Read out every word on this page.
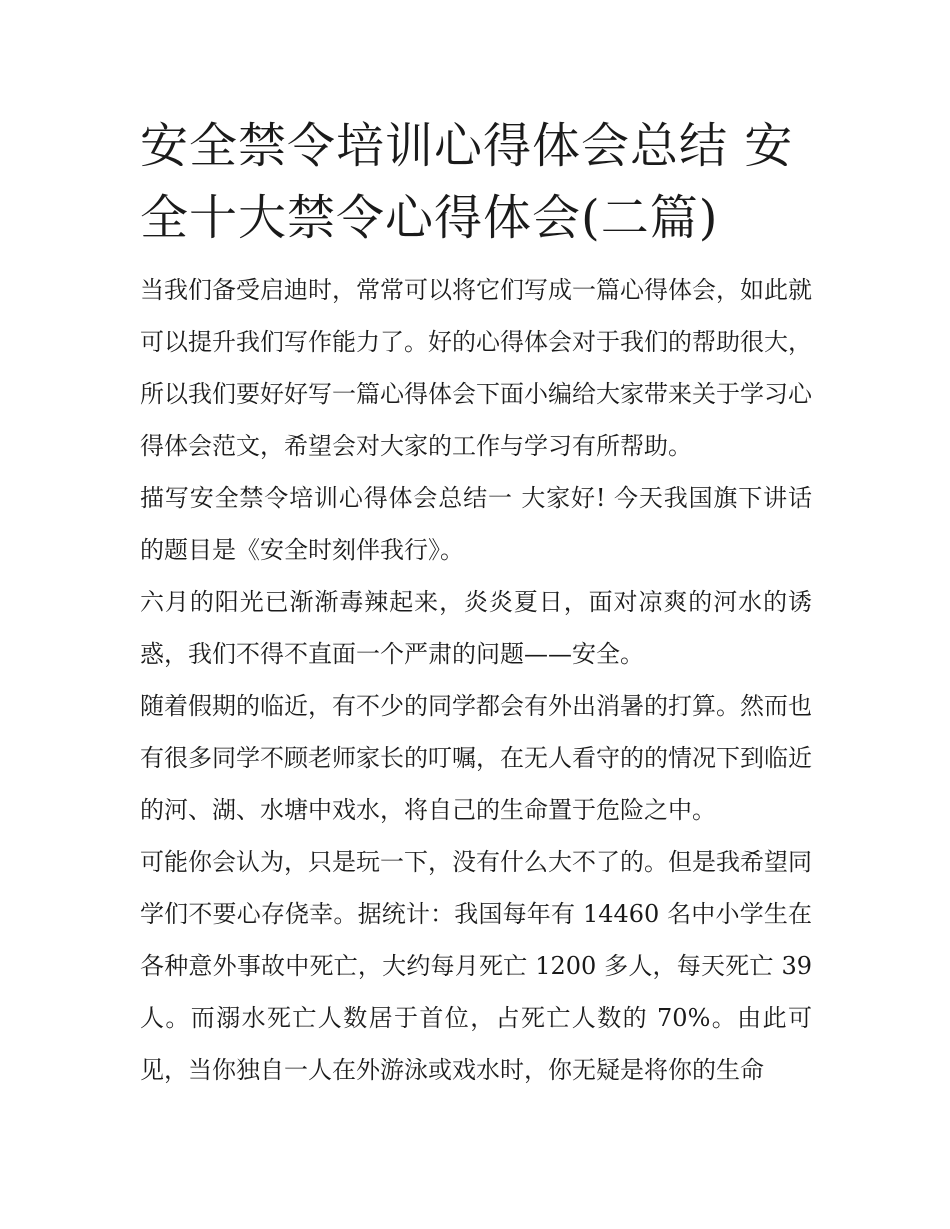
安全禁令培训心得体会总结 安全十大禁令心得体会(二篇)

当我们备受启迪时，常常可以将它们写成一篇心得体会，如此就可以提升我们写作能力了。好的心得体会对于我们的帮助很大，所以我们要好好写一篇心得体会下面小编给大家带来关于学习心得体会范文，希望会对大家的工作与学习有所帮助。

描写安全禁令培训心得体会总结一 大家好! 今天我国旗下讲话的题目是《安全时刻伴我行》。

六月的阳光已渐渐毒辣起来，炎炎夏日，面对凉爽的河水的诱惑，我们不得不直面一个严肃的问题——安全。

随着假期的临近，有不少的同学都会有外出消暑的打算。然而也有很多同学不顾老师家长的叮嘱，在无人看守的的情况下到临近的河、湖、水塘中戏水，将自己的生命置于危险之中。

可能你会认为，只是玩一下，没有什么大不了的。但是我希望同学们不要心存侥幸。据统计：我国每年有 14460 名中小学生在各种意外事故中死亡，大约每月死亡 1200 多人，每天死亡 39 人。而溺水死亡人数居于首位，占死亡人数的 70%。由此可见，当你独自一人在外游泳或戏水时，你无疑是将你的生命
